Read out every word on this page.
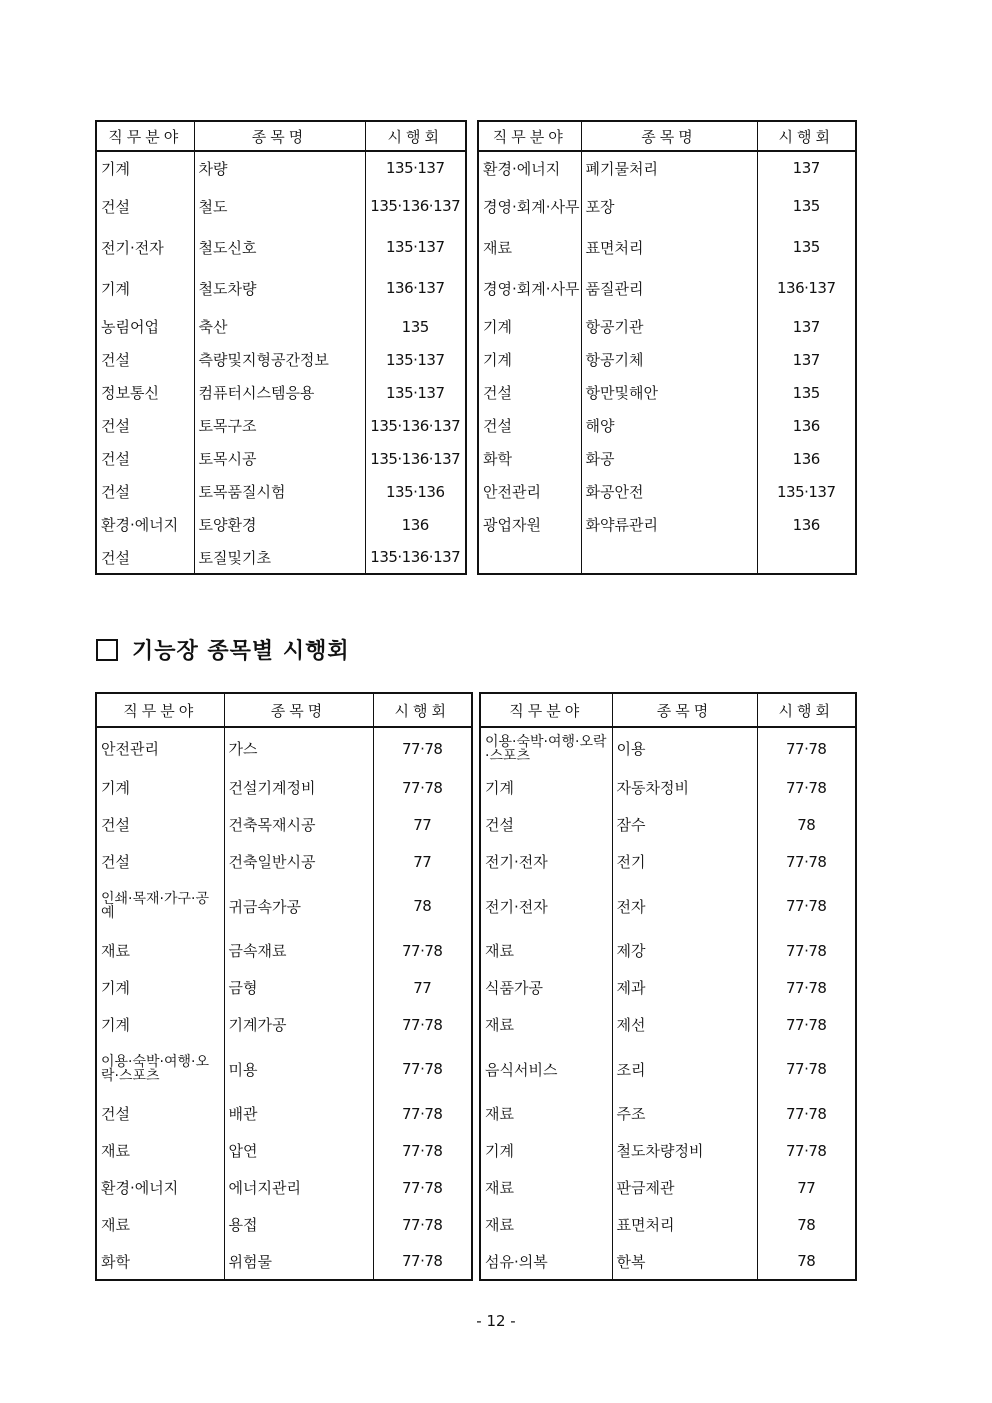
직무분야	종목명	시행회
기계	차량	135·137
건설	철도	135·136·137
전기·전자	철도신호	135·137
기계	철도차량	136·137
농림어업	축산	135
건설	측량및지형공간정보	135·137
정보통신	컴퓨터시스템응용	135·137
건설	토목구조	135·136·137
건설	토목시공	135·136·137
건설	토목품질시험	135·136
환경·에너지	토양환경	136
건설	토질및기초	135·136·137
직무분야	종목명	시행회
환경·에너지	폐기물처리	137
경영·회계·사무	포장	135
재료	표면처리	135
경영·회계·사무	품질관리	136·137
기계	항공기관	137
기계	항공기체	137
건설	항만및해안	135
건설	해양	136
화학	화공	136
안전관리	화공안전	135·137
광업자원	화약류관리	136

기능장 종목별 시행회
직무분야	종목명	시행회
안전관리	가스	77·78
기계	건설기계정비	77·78
건설	건축목재시공	77
건설	건축일반시공	77
인쇄·목재·가구·공예	귀금속가공	78
재료	금속재료	77·78
기계	금형	77
기계	기계가공	77·78
이용·숙박·여행·오락·스포츠	미용	77·78
건설	배관	77·78
재료	압연	77·78
환경·에너지	에너지관리	77·78
재료	용접	77·78
화학	위험물	77·78
직무분야	종목명	시행회
이용·숙박·여행·오락·스포츠	이용	77·78
기계	자동차정비	77·78
건설	잠수	78
전기·전자	전기	77·78
전기·전자	전자	77·78
재료	제강	77·78
식품가공	제과	77·78
재료	제선	77·78
음식서비스	조리	77·78
재료	주조	77·78
기계	철도차량정비	77·78
재료	판금제관	77
재료	표면처리	78
섬유·의복	한복	78
- 12 -
